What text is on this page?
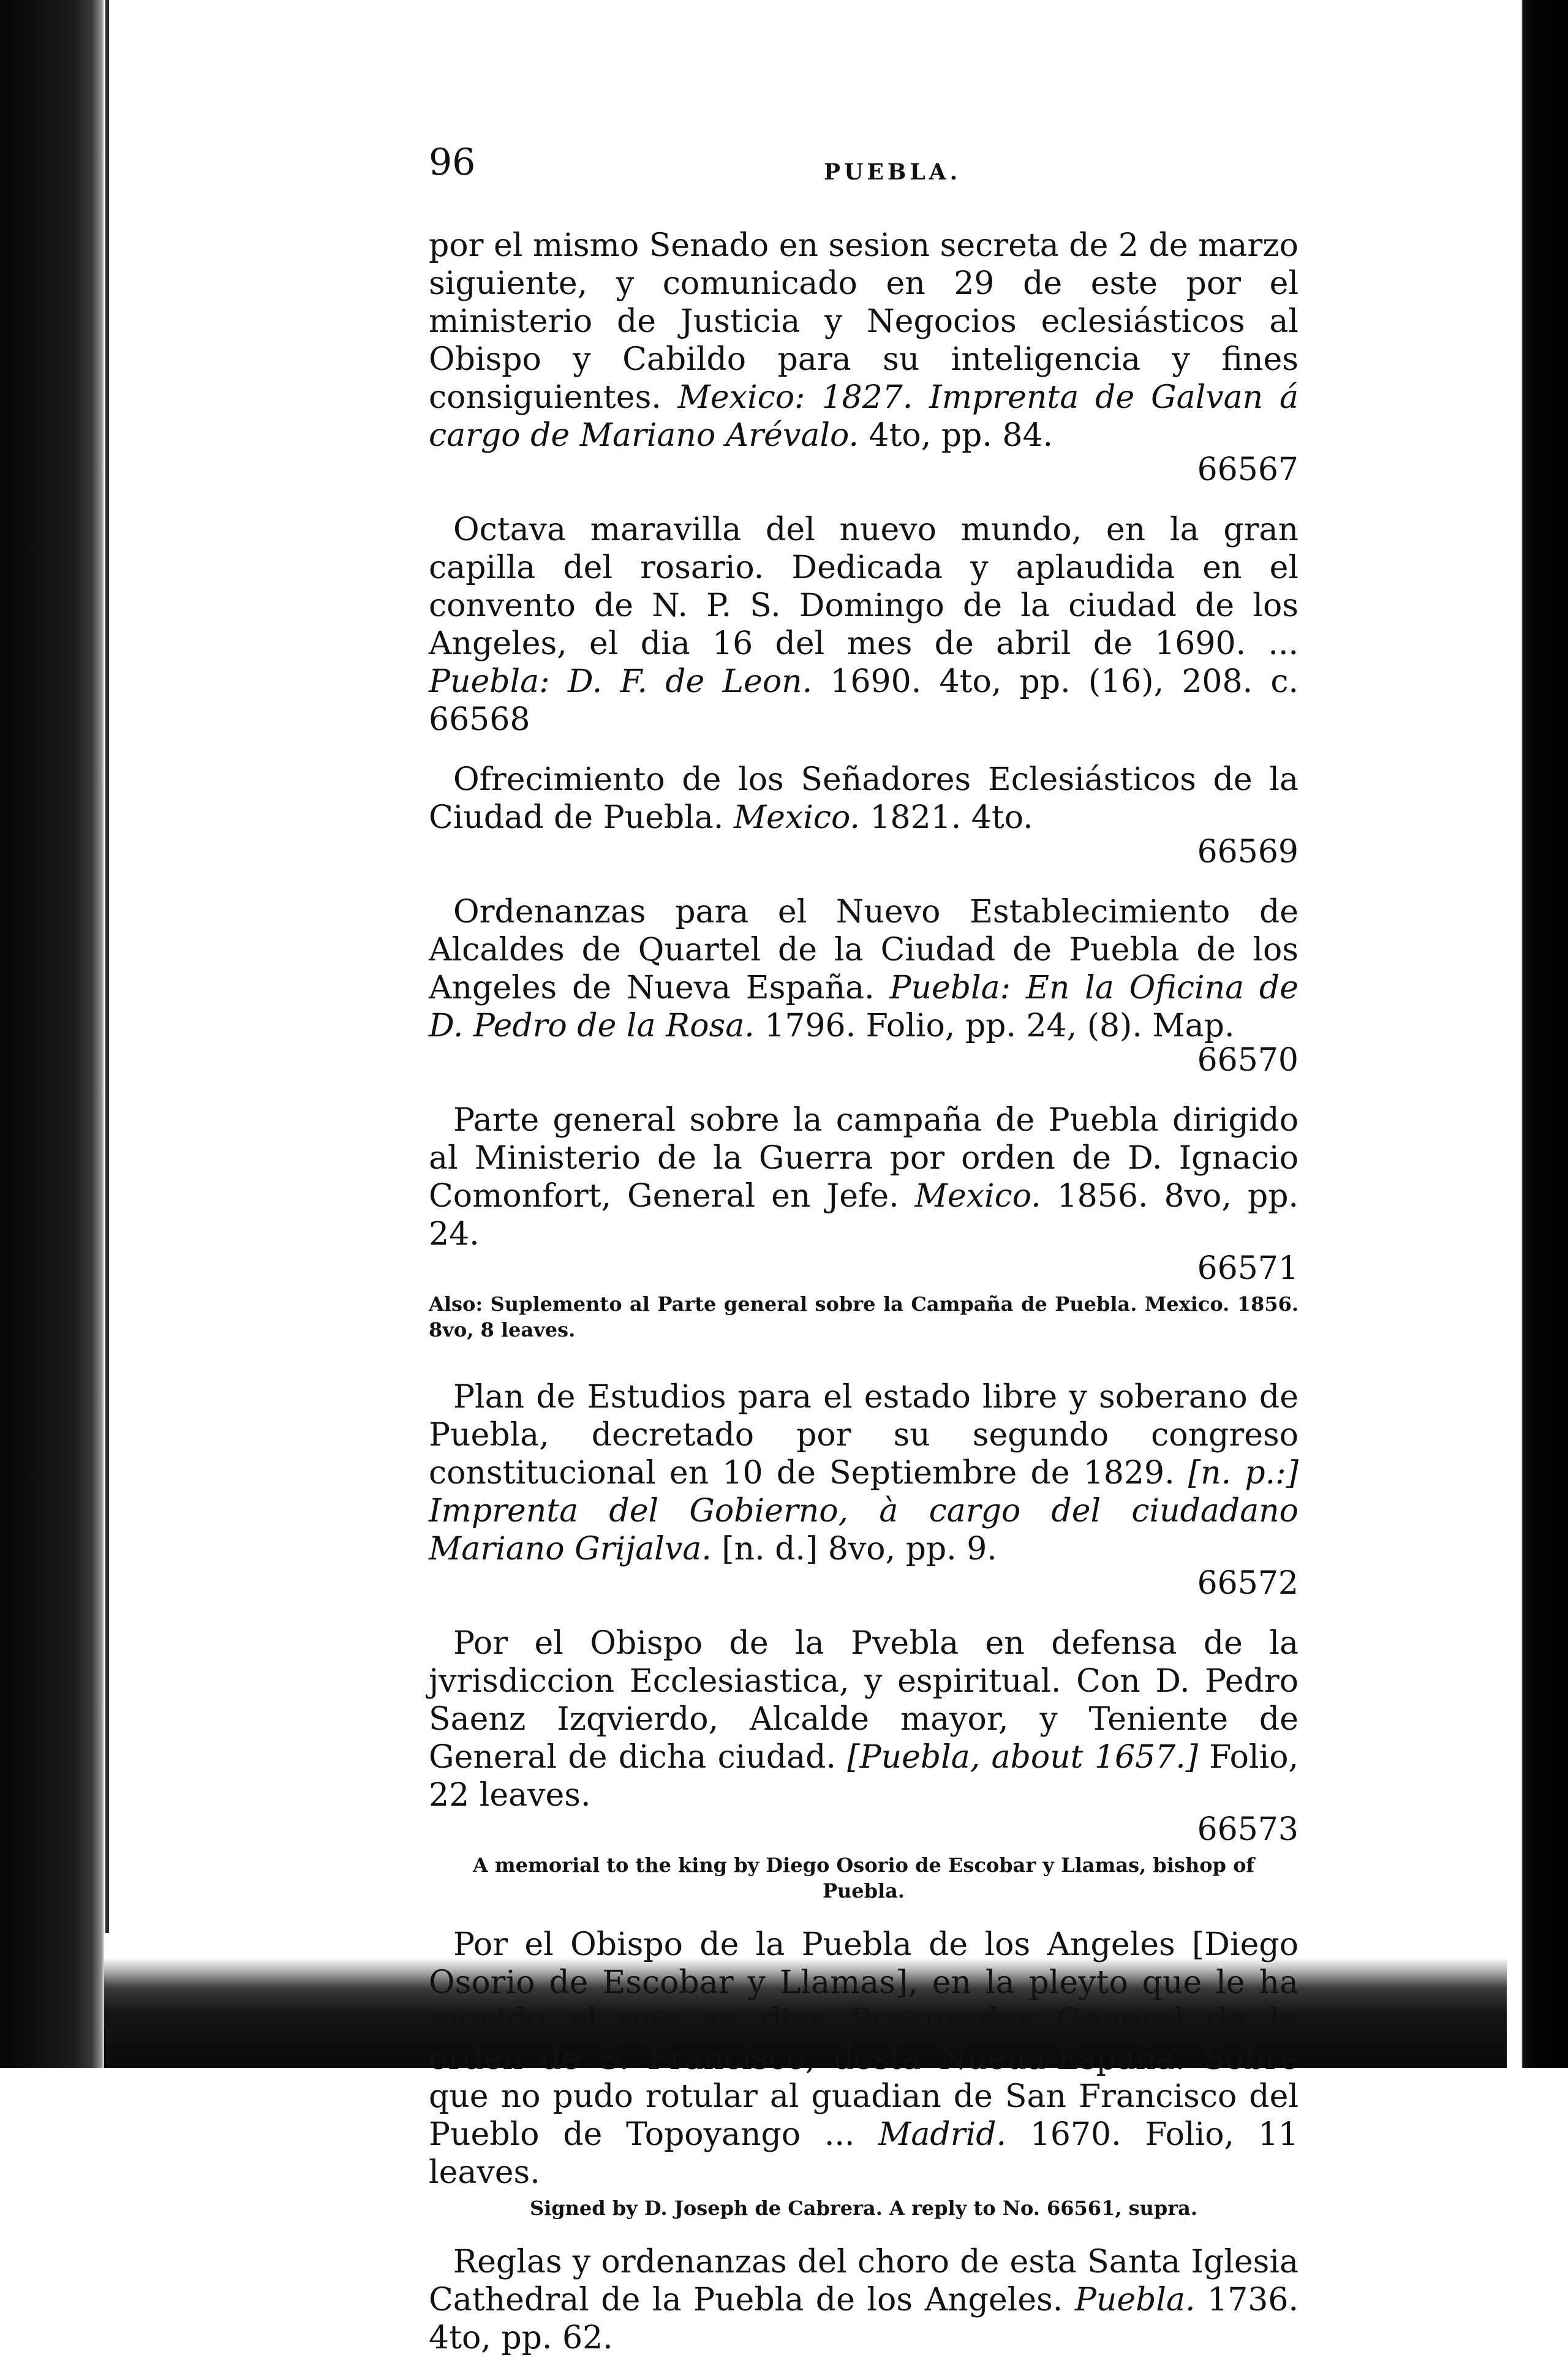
96	PUEBLA.

por el mismo Senado en sesion secreta de 2 de marzo siguiente, y comunicado en 29 de este por el ministerio de Justicia y Negocios eclesiásticos al Obispo y Cabildo para su inteligencia y fines consiguientes. Mexico: 1827. Imprenta de Galvan á cargo de Mariano Arévalo. 4to, pp. 84.

66567

Octava maravilla del nuevo mundo, en la gran capilla del rosario. Dedicada y aplaudida en el convento de N. P. S. Domingo de la ciudad de los Angeles, el dia 16 del mes de abril de 1690. ... Puebla: D. F. de Leon. 1690. 4to, pp. (16), 208. c. 66568

Ofrecimiento de los Señadores Eclesiásticos de la Ciudad de Puebla. Mexico. 1821. 4to.

66569

Ordenanzas para el Nuevo Establecimiento de Alcaldes de Quartel de la Ciudad de Puebla de los Angeles de Nueva España. Puebla: En la Oficina de D. Pedro de la Rosa. 1796. Folio, pp. 24, (8). Map.

66570

Parte general sobre la campaña de Puebla dirigido al Ministerio de la Guerra por orden de D. Ignacio Comonfort, General en Jefe. Mexico. 1856. 8vo, pp. 24.

66571

Also: Suplemento al Parte general sobre la Campaña de Puebla. Mexico. 1856. 8vo, 8 leaves.

Plan de Estudios para el estado libre y soberano de Puebla, decretado por su segundo congreso constitucional en 10 de Septiembre de 1829. [n. p.:] Imprenta del Gobierno, à cargo del ciudadano Mariano Grijalva. [n. d.] 8vo, pp. 9.

66572

Por el Obispo de la Pvebla en defensa de la jvrisdiccion Ecclesiastica, y espiritual. Con D. Pedro Saenz Izqvierdo, Alcalde mayor, y Teniente de General de dicha ciudad. [Puebla, about 1657.] Folio, 22 leaves.

66573

A memorial to the king by Diego Osorio de Escobar y Llamas, bishop of Puebla.

Por el Obispo de la Puebla de los Angeles [Diego Osorio de Escobar y Llamas], en la pleyto que le ha movido el que se dize Procurador General de la orden de S. Francisco, desta Nueua-España. Sobre que no pudo rotular al guadian de San Francisco del Pueblo de Topoyango ... Madrid. 1670. Folio, 11 leaves.

Signed by D. Joseph de Cabrera. A reply to No. 66561, supra.

Reglas y ordenanzas del choro de esta Santa Iglesia Cathedral de la Puebla de los Angeles. Puebla. 1736. 4to, pp. 62.
